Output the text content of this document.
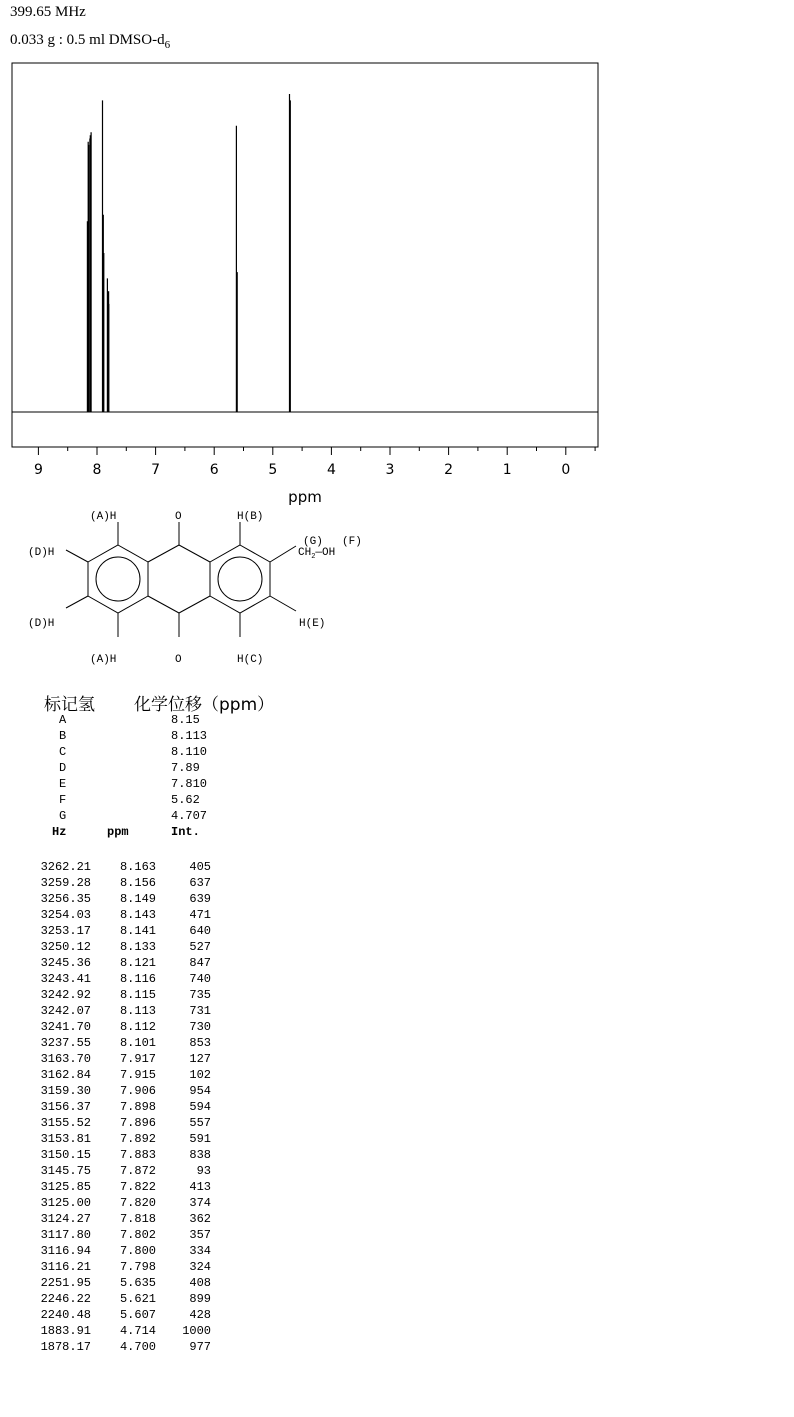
399.65 MHz
0.033 g : 0.5 ml DMSO-$d_6$
9	8	7	6	5	4	3	2	1	0
ppm
(A)H	O	H(B)
(G) (F)
$CH_2—OH$
(D)H
(D)H	H(E)
(A)H	O	H(C)
标记氢 化学位移（ppm）
A	8.15
B	8.113
C	8.110
D	7.89
E	7.810
F	5.62
G	4.707
Hz	ppm	Int.
3262.21	8.163	405
3259.28	8.156	637
3256.35	8.149	639
3254.03	8.143	471
3253.17	8.141	640
3250.12	8.133	527
3245.36	8.121	847
3243.41	8.116	740
3242.92	8.115	735
3242.07	8.113	731
3241.70	8.112	730
3237.55	8.101	853
3163.70	7.917	127
3162.84	7.915	102
3159.30	7.906	954
3156.37	7.898	594
3155.52	7.896	557
3153.81	7.892	591
3150.15	7.883	838
3145.75	7.872	93
3125.85	7.822	413
3125.00	7.820	374
3124.27	7.818	362
3117.80	7.802	357
3116.94	7.800	334
3116.21	7.798	324
2251.95	5.635	408
2246.22	5.621	899
2240.48	5.607	428
1883.91	4.714	1000
1878.17	4.700	977
